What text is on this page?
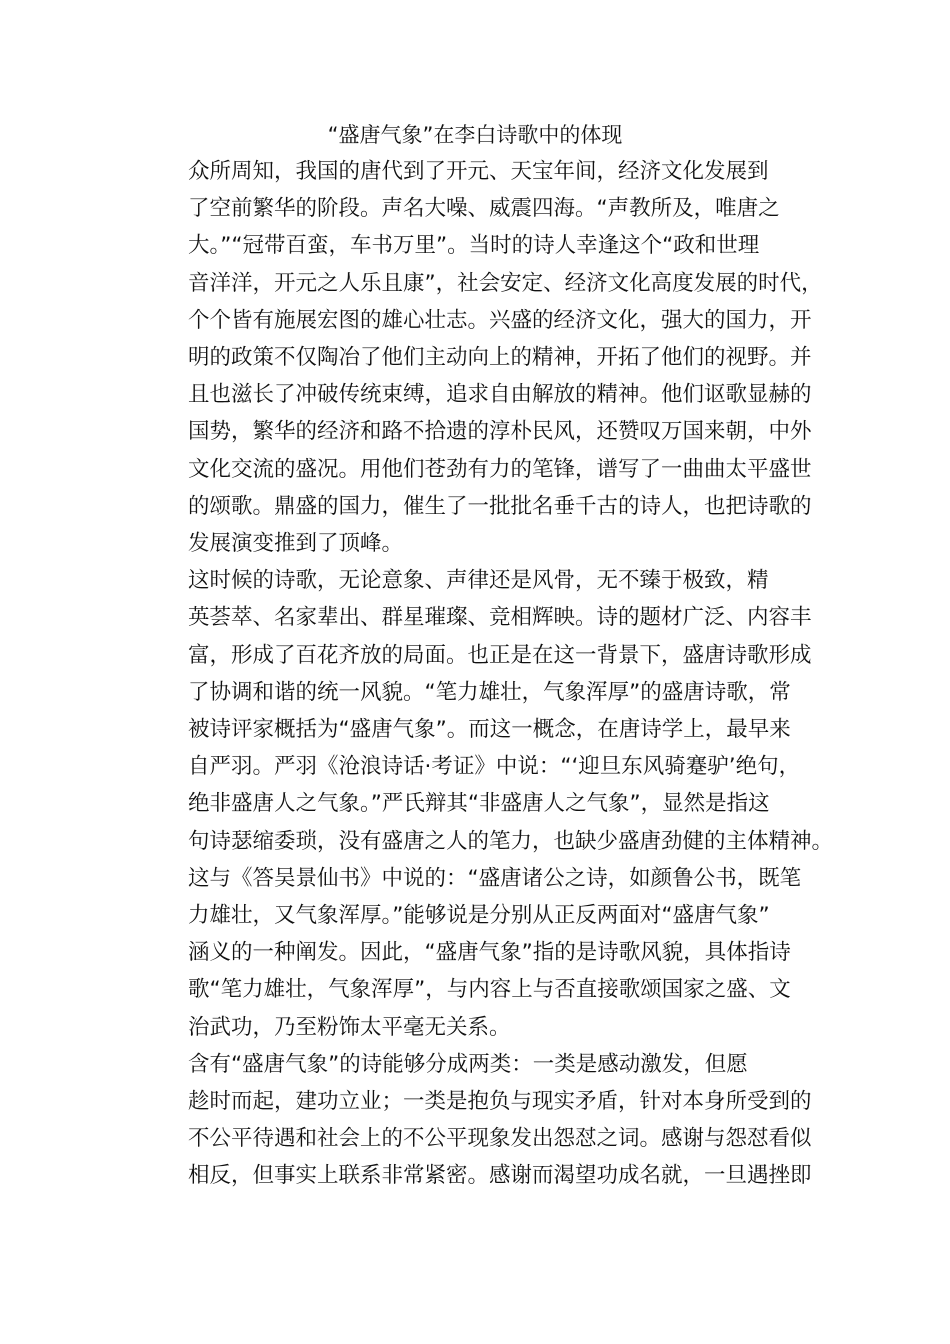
“盛唐气象”在李白诗歌中的体现

众所周知，我国的唐代到了开元、天宝年间，经济文化发展到
了空前繁华的阶段。声名大噪、威震四海。“声教所及，唯唐之
大。”“冠带百蛮，车书万里”。当时的诗人幸逢这个“政和世理
音洋洋，开元之人乐且康”，社会安定、经济文化高度发展的时代，
个个皆有施展宏图的雄心壮志。兴盛的经济文化，强大的国力，开
明的政策不仅陶冶了他们主动向上的精神，开拓了他们的视野。并
且也滋长了冲破传统束缚，追求自由解放的精神。他们讴歌显赫的
国势，繁华的经济和路不拾遗的淳朴民风，还赞叹万国来朝，中外
文化交流的盛况。用他们苍劲有力的笔锋，谱写了一曲曲太平盛世
的颂歌。鼎盛的国力，催生了一批批名垂千古的诗人，也把诗歌的
发展演变推到了顶峰。

这时候的诗歌，无论意象、声律还是风骨，无不臻于极致，精
英荟萃、名家辈出、群星璀璨、竞相辉映。诗的题材广泛、内容丰
富，形成了百花齐放的局面。也正是在这一背景下，盛唐诗歌形成
了协调和谐的统一风貌。“笔力雄壮，气象浑厚”的盛唐诗歌，常
被诗评家概括为“盛唐气象”。而这一概念，在唐诗学上，最早来
自严羽。严羽《沧浪诗话·考证》中说：“‘迎旦东风骑蹇驴’绝句，
绝非盛唐人之气象。”严氏辩其“非盛唐人之气象”，显然是指这
句诗瑟缩委琐，没有盛唐之人的笔力，也缺少盛唐劲健的主体精神。
这与《答吴景仙书》中说的：“盛唐诸公之诗，如颜鲁公书，既笔
力雄壮，又气象浑厚。”能够说是分别从正反两面对“盛唐气象”
涵义的一种阐发。因此，“盛唐气象”指的是诗歌风貌，具体指诗
歌“笔力雄壮，气象浑厚”，与内容上与否直接歌颂国家之盛、文
治武功，乃至粉饰太平毫无关系。

含有“盛唐气象”的诗能够分成两类：一类是感动激发，但愿
趁时而起，建功立业；一类是抱负与现实矛盾，针对本身所受到的
不公平待遇和社会上的不公平现象发出怨怼之词。感谢与怨怼看似
相反，但事实上联系非常紧密。感谢而渴望功成名就，一旦遇挫即
